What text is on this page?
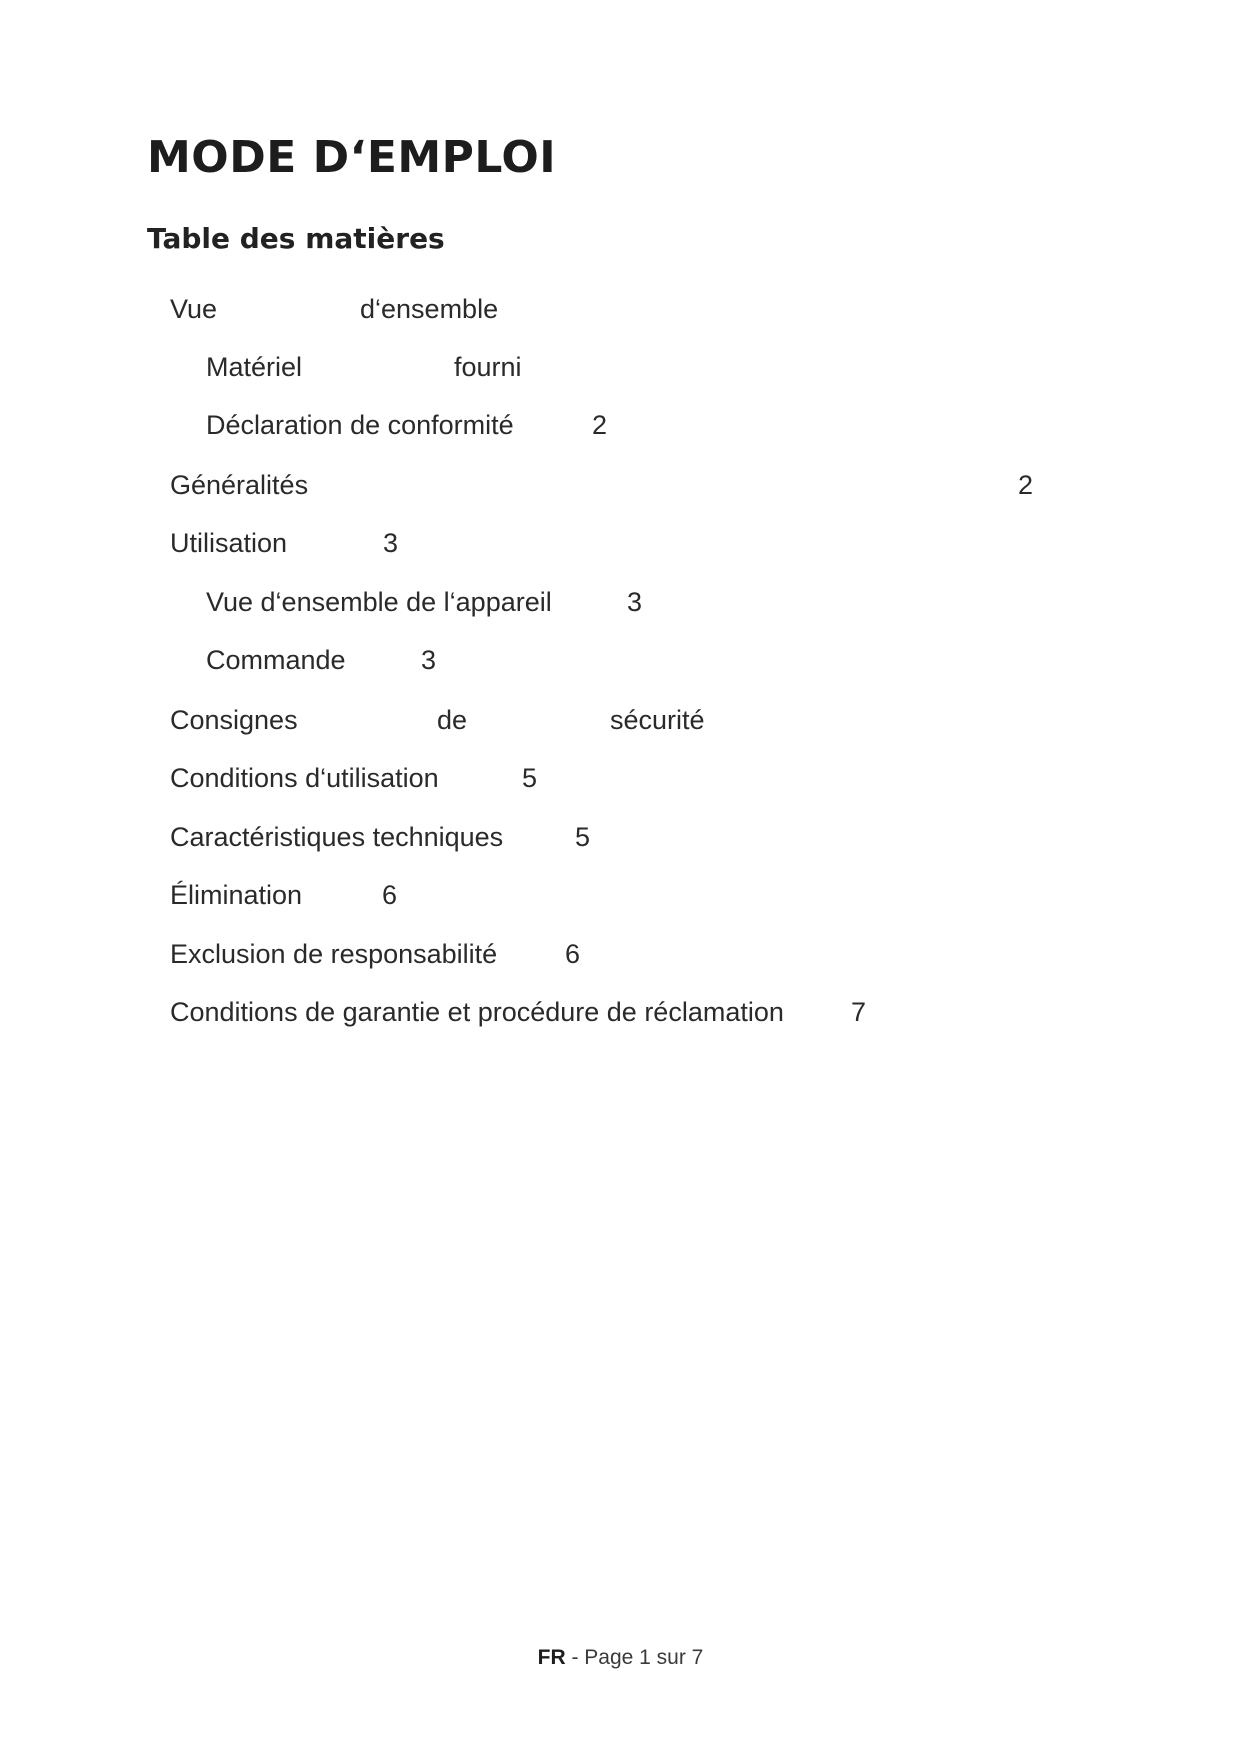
MODE D‘EMPLOI
Table des matières
Vue	d‘ensemble
Matériel	fourni
Déclaration de conformité	2
Généralités	2
Utilisation	3
Vue d‘ensemble de l‘appareil	3
Commande	3
Consignes	de	sécurité
Conditions d‘utilisation	5
Caractéristiques techniques	5
Élimination	6
Exclusion de responsabilité	6
Conditions de garantie et procédure de réclamation 7
FR - Page 1 sur 7
